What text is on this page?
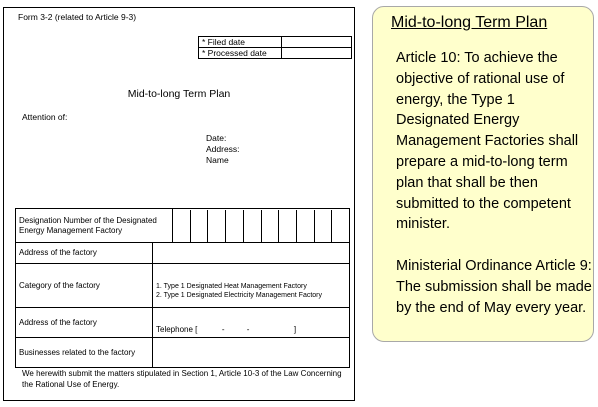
Form 3-2 (related to Article 9-3)
* Filed date	
* Processed date	
Mid-to-long Term Plan
Attention of:
Date:
Address:
Name
Designation Number of the Designated Energy Management Factory	
Address of the factory	
Category of the factory	1. Type 1 Designated Heat Management Factory
2. Type 1 Designated Electricity Management Factory

Address of the factory	Telephone [           -          -                    ]

Businesses related to the factory	
We herewith submit the matters stipulated in Section 1, Article 10-3 of the Law Concerning the Rational Use of Energy.
Mid-to-long Term Plan

Article 10: To achieve the objective of rational use of energy, the Type 1 Designated Energy Management Factories shall prepare a mid-to-long term plan that shall be then submitted to the competent minister.

Ministerial Ordinance Article 9: The submission shall be made by the end of May every year.
